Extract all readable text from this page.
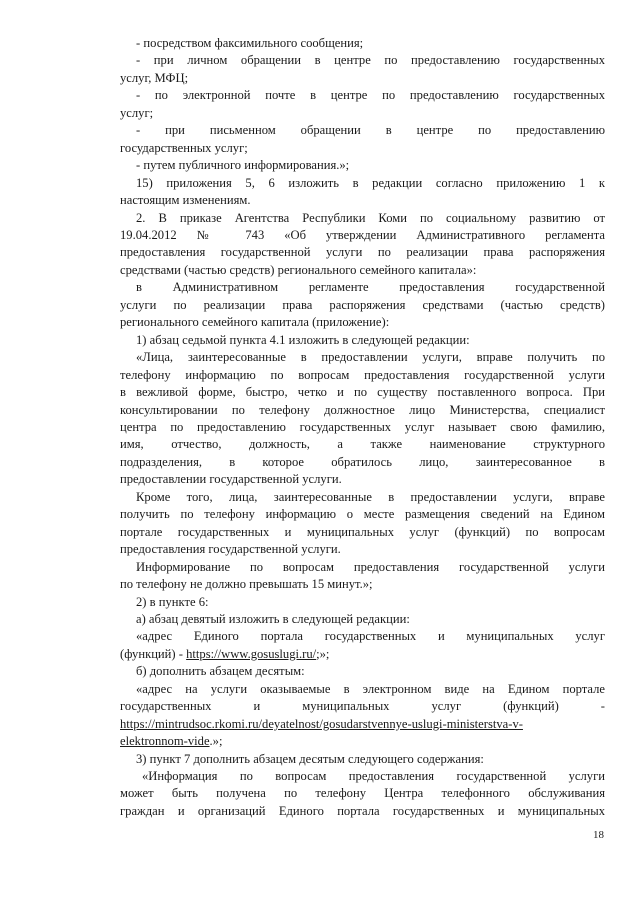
- посредством факсимильного сообщения;
- при личном обращении в центре по предоставлению государственных
услуг, МФЦ;
- по электронной почте в центре по предоставлению государственных
услуг;
- при письменном обращении в центре по предоставлению
государственных услуг;
- путем публичного информирования.»;
15) приложения 5, 6 изложить в редакции согласно приложению 1 к
настоящим изменениям.
2. В приказе Агентства Республики Коми по социальному развитию от
19.04.2012 № 743 «Об утверждении Административного регламента
предоставления государственной услуги по реализации права распоряжения
средствами (частью средств) регионального семейного капитала»:
в Административном регламенте предоставления государственной
услуги по реализации права распоряжения средствами (частью средств)
регионального семейного капитала (приложение):
1) абзац седьмой пункта 4.1 изложить в следующей редакции:
«Лица, заинтересованные в предоставлении услуги, вправе получить по
телефону информацию по вопросам предоставления государственной услуги
в вежливой форме, быстро, четко и по существу поставленного вопроса. При
консультировании по телефону должностное лицо Министерства, специалист
центра по предоставлению государственных услуг называет свою фамилию,
имя, отчество, должность, а также наименование структурного
подразделения, в которое обратилось лицо, заинтересованное в
предоставлении государственной услуги.
Кроме того, лица, заинтересованные в предоставлении услуги, вправе
получить по телефону информацию о месте размещения сведений на Едином
портале государственных и муниципальных услуг (функций) по вопросам
предоставления государственной услуги.
Информирование по вопросам предоставления государственной услуги
по телефону не должно превышать 15 минут.»;
2) в пункте 6:
а) абзац девятый изложить в следующей редакции:
«адрес Единого портала государственных и муниципальных услуг
(функций) - https://www.gosuslugi.ru/;»;
б) дополнить абзацем десятым:
«адрес на услуги оказываемые в электронном виде на Едином портале
государственных и муниципальных услуг (функций) -
https://mintrudsoc.rkomi.ru/deyatelnost/gosudarstvennye-uslugi-ministerstva-v-
elektronnom-vide.»;
3) пункт 7 дополнить абзацем десятым следующего содержания:
«Информация по вопросам предоставления государственной услуги
может быть получена по телефону Центра телефонного обслуживания
граждан и организаций Единого портала государственных и муниципальных
18
